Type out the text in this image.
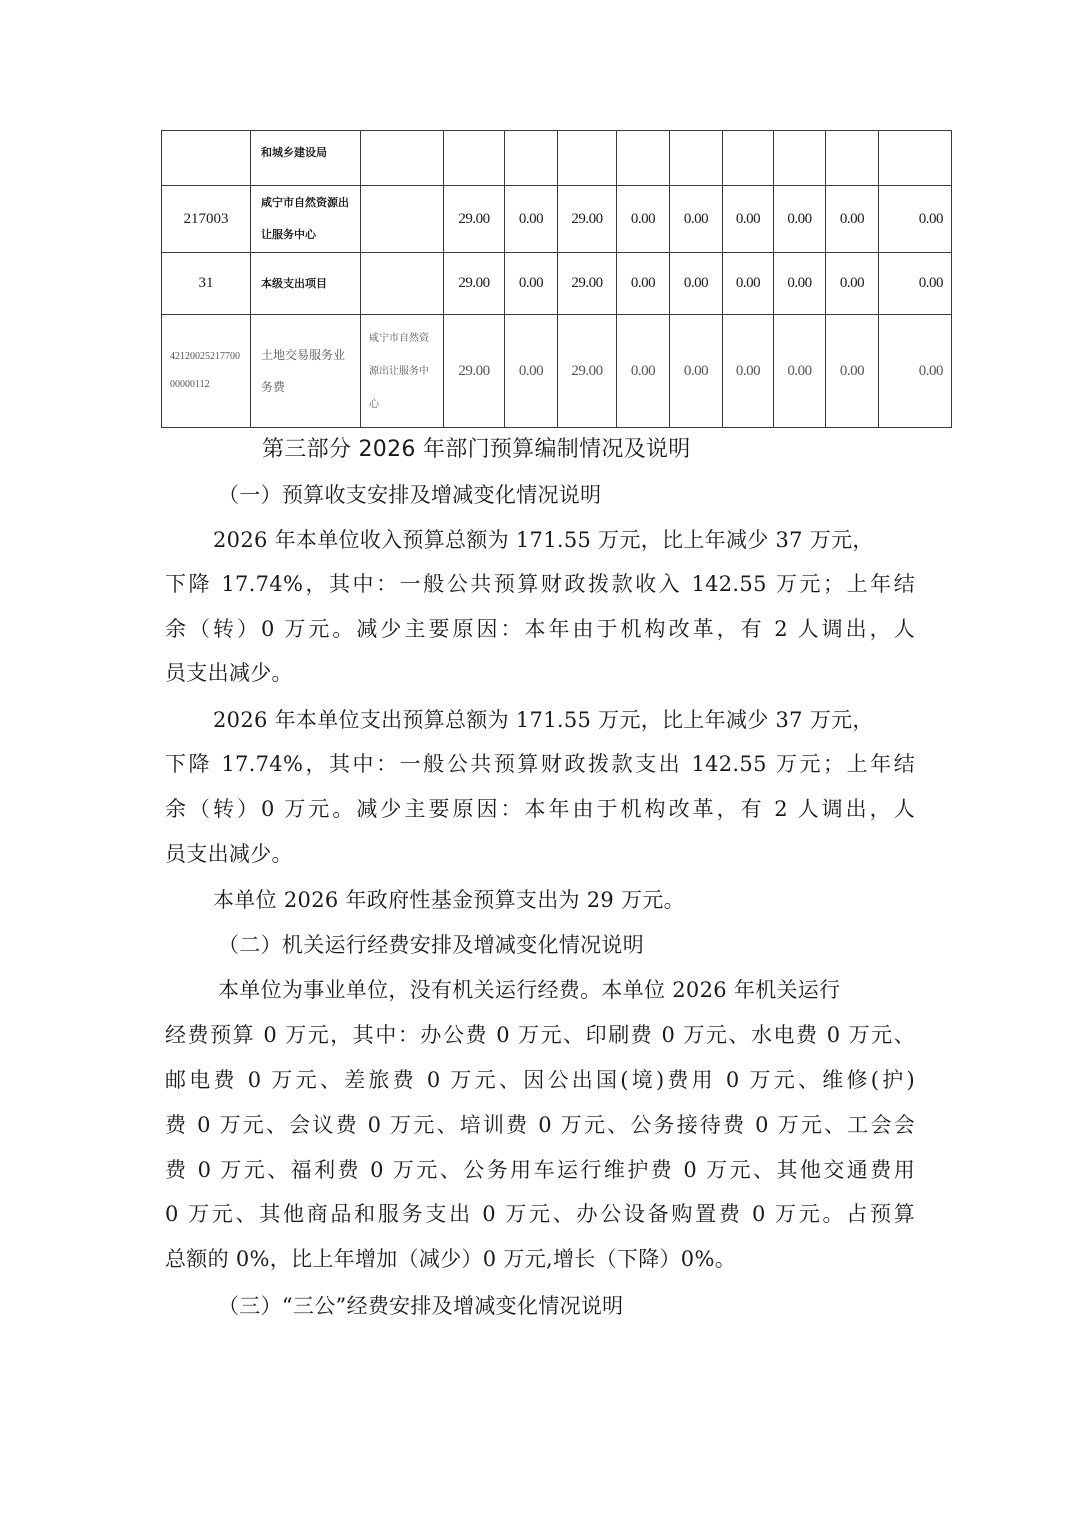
	和城乡建设局										
217003	咸宁市自然资源出让服务中心		29.00	0.00	29.00	0.00	0.00	0.00	0.00	0.00	0.00
31	本级支出项目		29.00	0.00	29.00	0.00	0.00	0.00	0.00	0.00	0.00
42120025217700
00000112	土地交易服务业务费	咸宁市自然资源出让服务中心	29.00	0.00	29.00	0.00	0.00	0.00	0.00	0.00	0.00
第三部分 2026 年部门预算编制情况及说明
（一）预算收支安排及增减变化情况说明
2026 年本单位收入预算总额为 171.55 万元，比上年减少 37 万元，
下降 17.74%，其中：一般公共预算财政拨款收入 142.55 万元；上年结
余（转）0 万元。减少主要原因：本年由于机构改革，有 2 人调出，人
员支出减少。
2026 年本单位支出预算总额为 171.55 万元，比上年减少 37 万元，
下降 17.74%，其中：一般公共预算财政拨款支出 142.55 万元；上年结
余（转）0 万元。减少主要原因：本年由于机构改革，有 2 人调出，人
员支出减少。
本单位 2026 年政府性基金预算支出为 29 万元。
（二）机关运行经费安排及增减变化情况说明
本单位为事业单位，没有机关运行经费。本单位 2026 年机关运行
经费预算 0 万元，其中：办公费 0 万元、印刷费 0 万元、水电费 0 万元、
邮电费 0 万元、差旅费 0 万元、因公出国(境)费用 0 万元、维修(护)
费 0 万元、会议费 0 万元、培训费 0 万元、公务接待费 0 万元、工会会
费 0 万元、福利费 0 万元、公务用车运行维护费 0 万元、其他交通费用
0 万元、其他商品和服务支出 0 万元、办公设备购置费 0 万元。占预算
总额的 0%，比上年增加（减少）0 万元,增长（下降）0%。
（三）“三公”经费安排及增减变化情况说明
